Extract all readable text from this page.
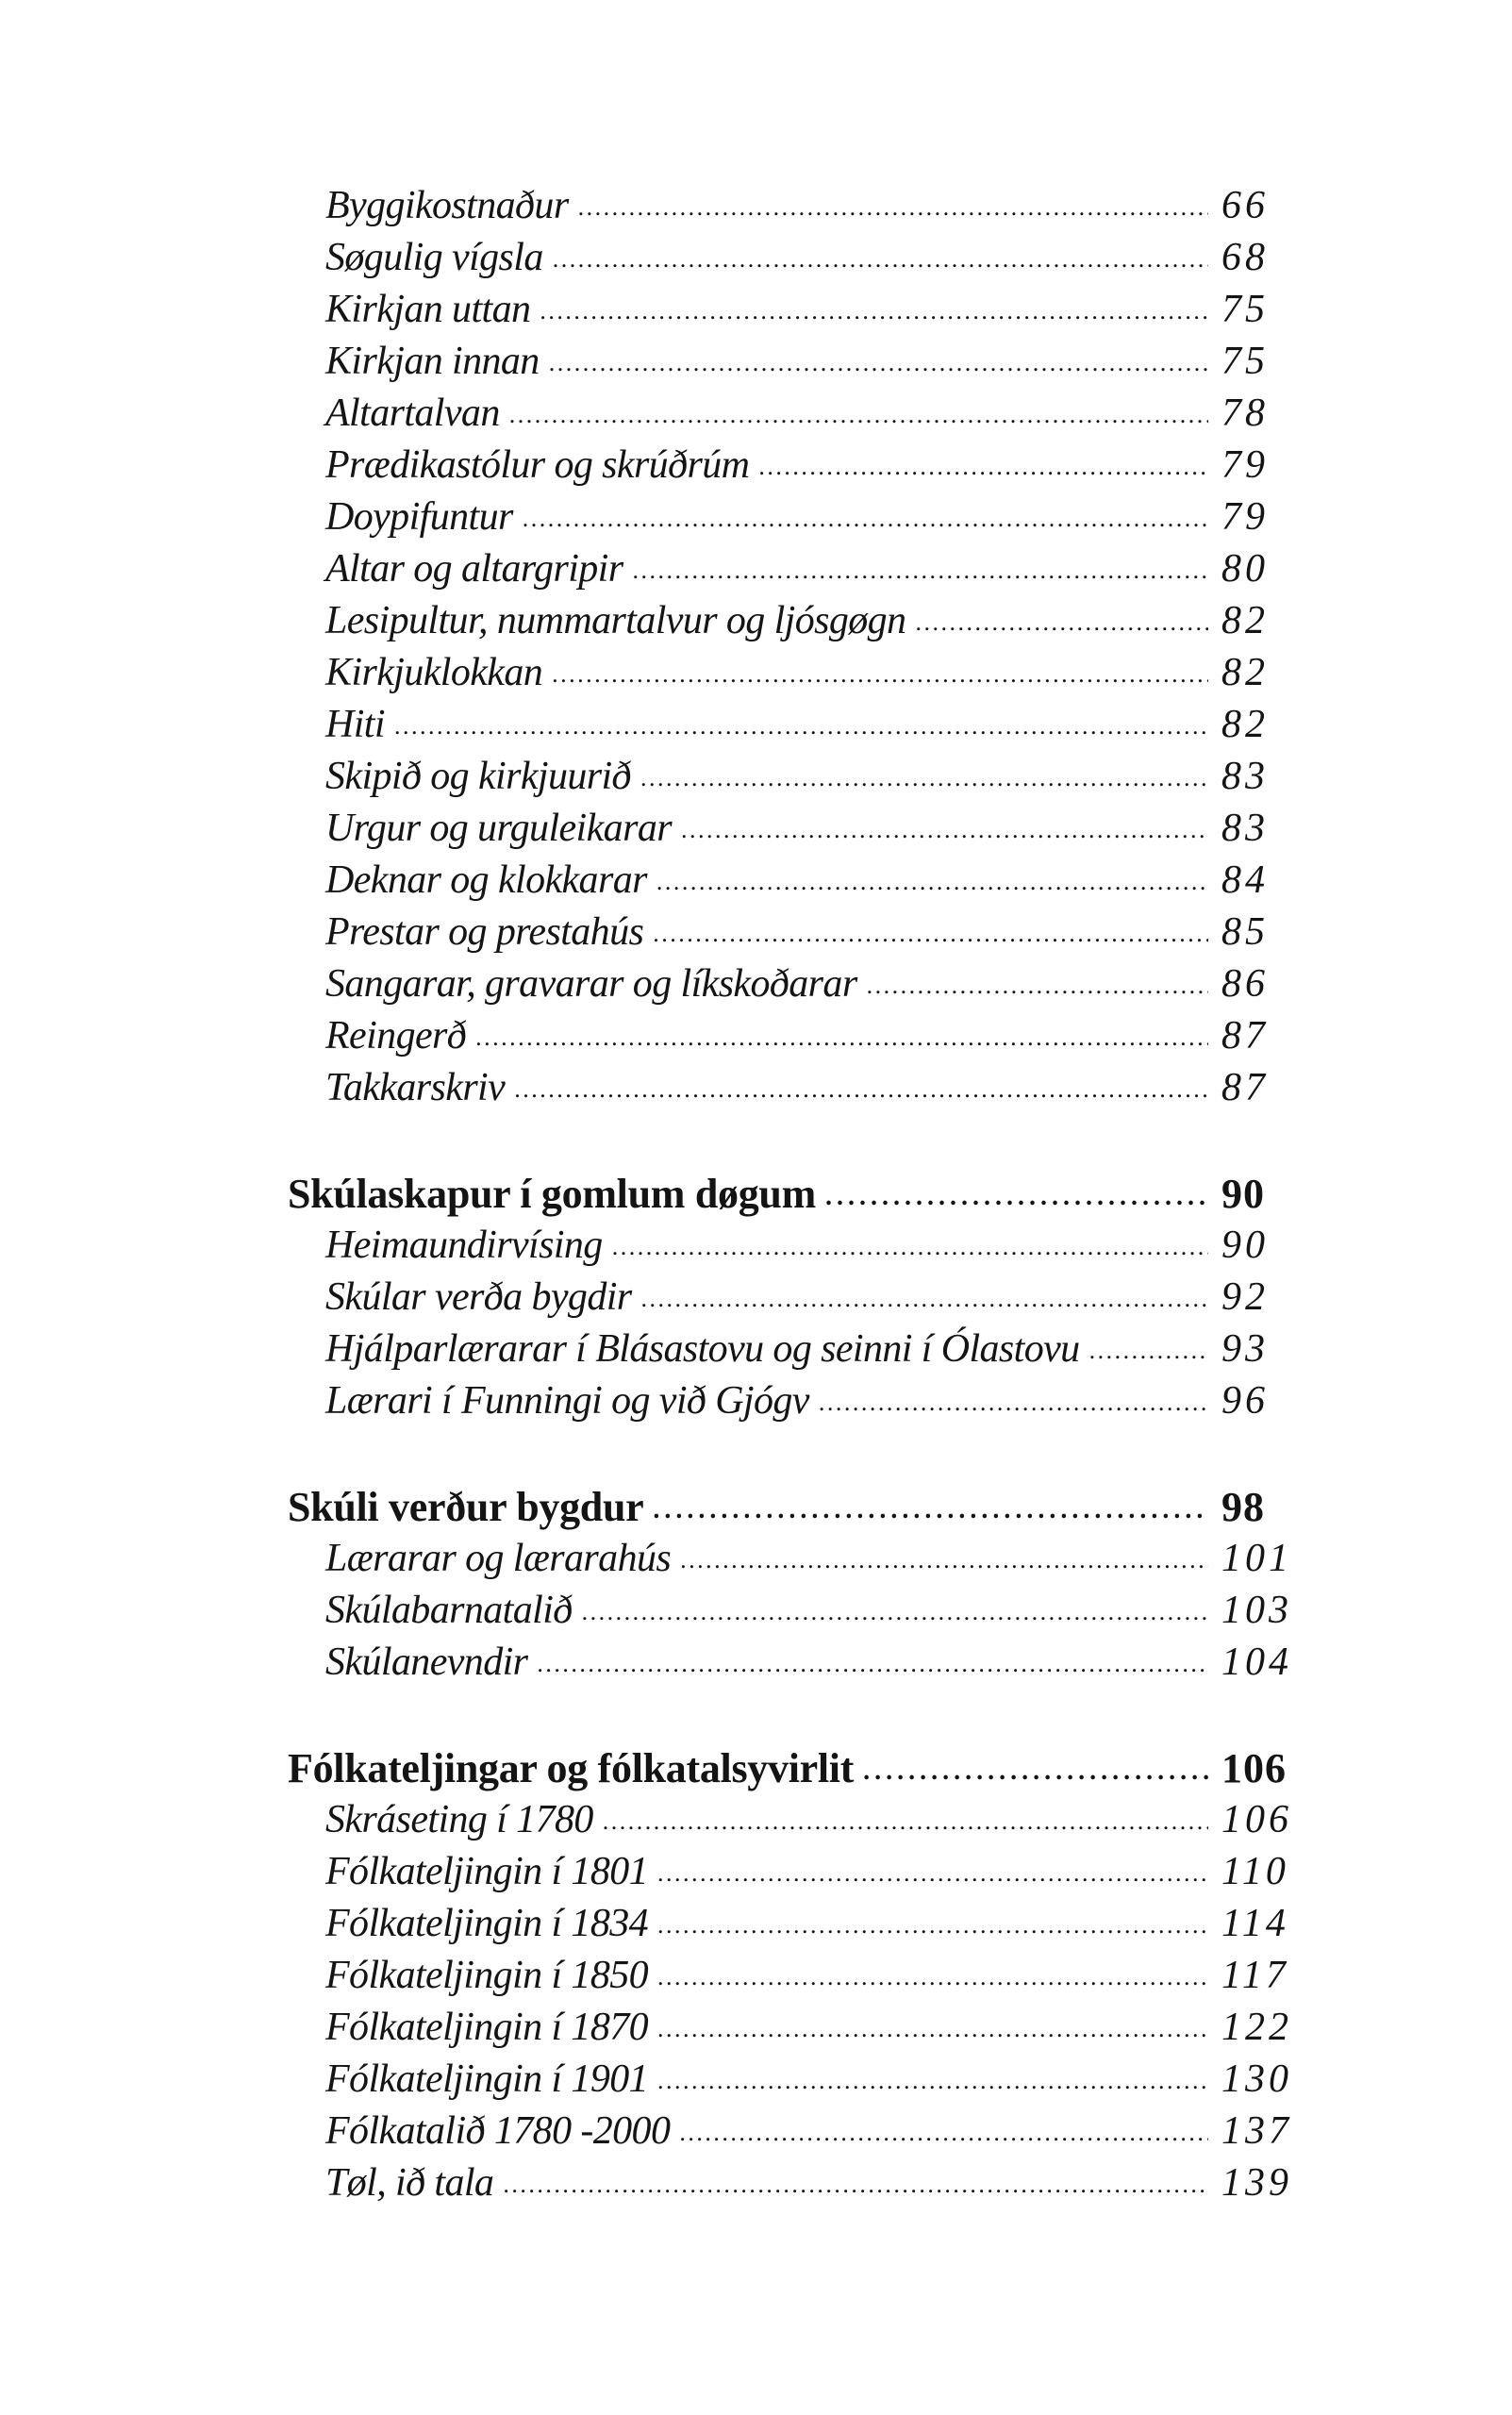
Byggikostnaður . . .	66
Søgulig vígsla . . .	68
Kirkjan uttan . . .	75
Kirkjan innan . . .	75
Altartalvan . . .	78
Prædikastólur og skrúðrúm . . .	79
Doypifuntur . . .	79
Altar og altargripir . . .	80
Lesipultur, nummartalvur og ljósgøgn . . .	82
Kirkjuklokkan . . .	82
Hiti . . .	82
Skipið og kirkjuurið . . .	83
Urgur og urguleikarar . . .	83
Deknar og klokkarar . . .	84
Prestar og prestahús . . .	85
Sangarar, gravarar og líkskoðarar . . .	86
Reingerð . . .	87
Takkarskriv . . .	87
Skúlaskapur í gomlum døgum . . .	90
Heimaundirvísing . . .	90
Skúlar verða bygdir . . .	92
Hjálparlærarar í Blásastovu og seinni í Ólastovu . . .	93
Lærari í Funningi og við Gjógv . . .	96
Skúli verður bygdur . . .	98
Lærarar og lærarahús . . .	101
Skúlabarnatalið . . .	103
Skúlanevndir . . .	104
Fólkateljingar og fólkatalsyvirlit . . .	106
Skráseting í 1780 . . .	106
Fólkateljingin í 1801 . . .	110
Fólkateljingin í 1834 . . .	114
Fólkateljingin í 1850 . . .	117
Fólkateljingin í 1870 . . .	122
Fólkateljingin í 1901 . . .	130
Fólkatalið 1780 -2000 . . .	137
Tøl, ið tala . . .	139
